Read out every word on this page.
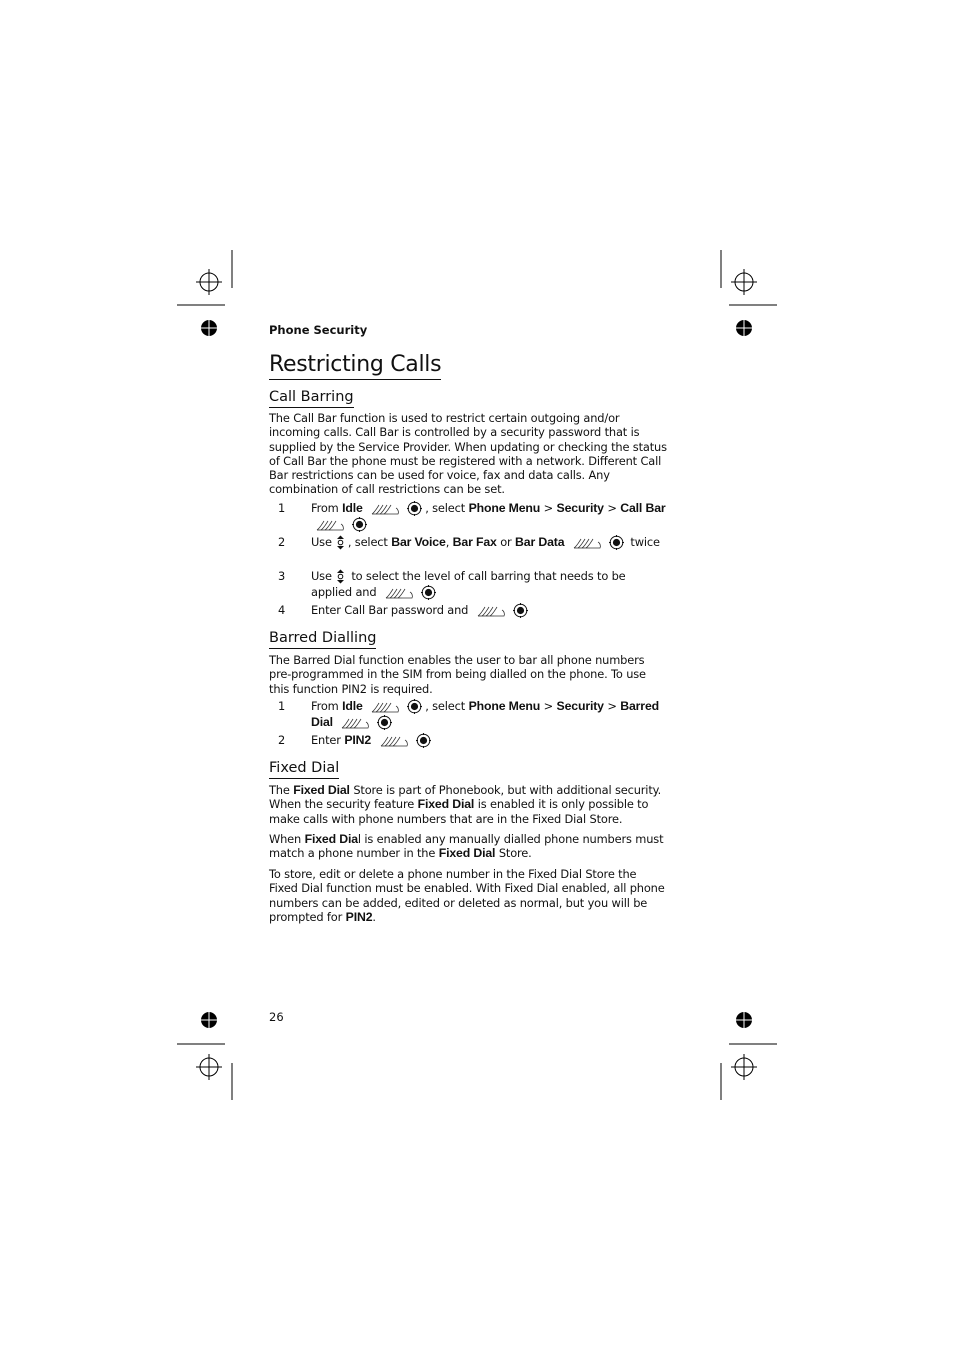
Phone Security
Restricting Calls
Call Barring
The Call Bar function is used to restrict certain outgoing and/or incoming calls. Call Bar is controlled by a security password that is supplied by the Service Provider. When updating or checking the status of Call Bar the phone must be registered with a network. Different Call Bar restrictions can be used for voice, fax and data calls. Any combination of call restrictions can be set.
1 From Idle	, select Phone Menu > Security > Call Bar
2 Use , select Bar Voice, Bar Fax or Bar Data	twice
3 Use to select the level of call barring that needs to be applied and
4 Enter Call Bar password and
Barred Dialling
The Barred Dial function enables the user to bar all phone numbers pre-programmed in the SIM from being dialled on the phone. To use this function PIN2 is required.
1 From Idle	, select Phone Menu > Security > Barred Dial
2 Enter PIN2
Fixed Dial
The Fixed Dial Store is part of Phonebook, but with additional security. When the security feature Fixed Dial is enabled it is only possible to make calls with phone numbers that are in the Fixed Dial Store.
When Fixed Dial is enabled any manually dialled phone numbers must match a phone number in the Fixed Dial Store.
To store, edit or delete a phone number in the Fixed Dial Store the Fixed Dial function must be enabled. With Fixed Dial enabled, all phone numbers can be added, edited or deleted as normal, but you will be prompted for PIN2.
26
